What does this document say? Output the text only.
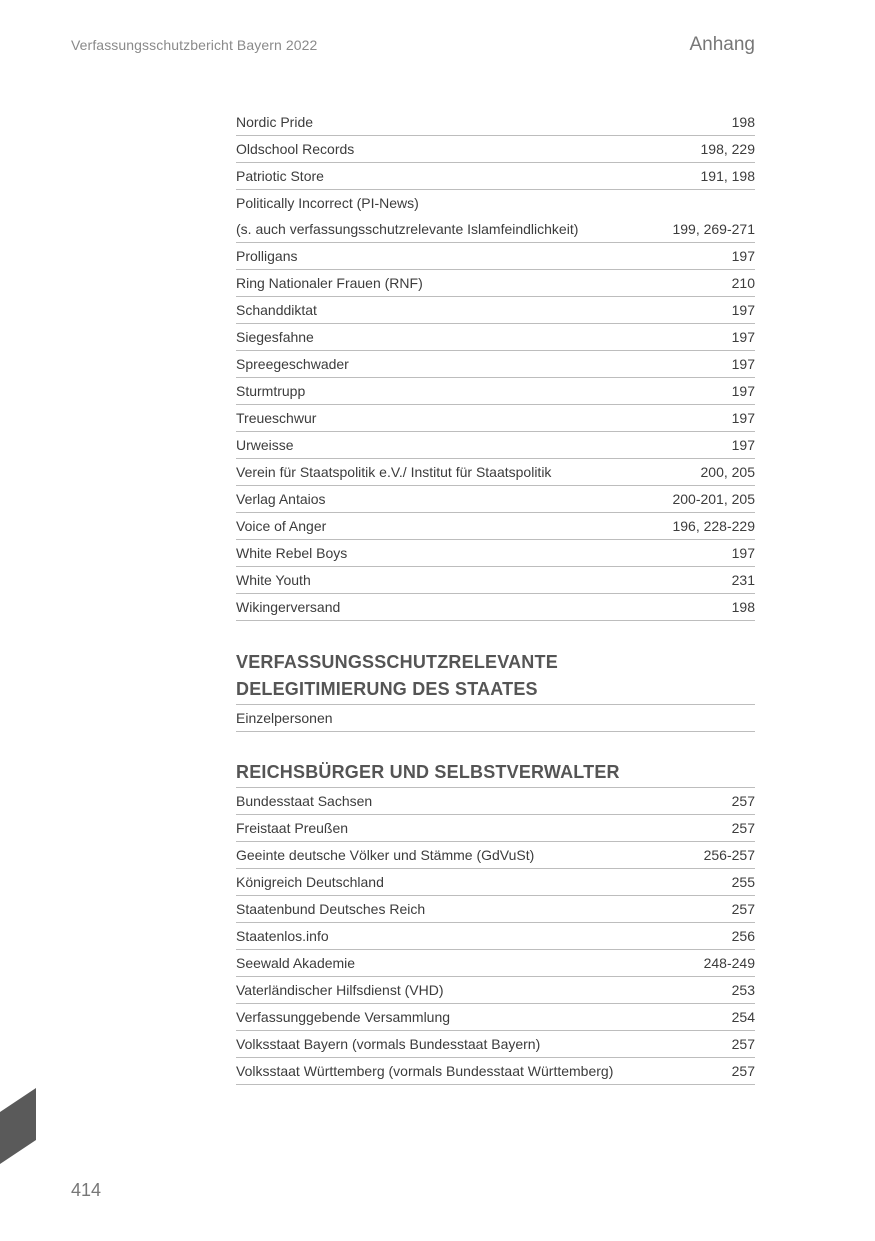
Verfassungsschutzbericht Bayern 2022	Anhang
Nordic Pride	198
Oldschool Records	198, 229
Patriotic Store	191, 198
Politically Incorrect (PI-News)
(s. auch verfassungsschutzrelevante Islamfeindlichkeit)	199, 269-271
Prolligans	197
Ring Nationaler Frauen (RNF)	210
Schanddiktat	197
Siegesfahne	197
Spreegeschwader	197
Sturmtrupp	197
Treueschwur	197
Urweisse	197
Verein für Staatspolitik e.V./ Institut für Staatspolitik	200, 205
Verlag Antaios	200-201, 205
Voice of Anger	196, 228-229
White Rebel Boys	197
White Youth	231
Wikingerversand	198
VERFASSUNGSSCHUTZRELEVANTE
DELEGITIMIERUNG DES STAATES
Einzelpersonen
REICHSBÜRGER UND SELBSTVERWALTER
Bundesstaat Sachsen	257
Freistaat Preußen	257
Geeinte deutsche Völker und Stämme (GdVuSt)	256-257
Königreich Deutschland	255
Staatenbund Deutsches Reich	257
Staatenlos.info	256
Seewald Akademie	248-249
Vaterländischer Hilfsdienst (VHD)	253
Verfassunggebende Versammlung	254
Volksstaat Bayern (vormals Bundesstaat Bayern)	257
Volksstaat Württemberg (vormals Bundesstaat Württemberg)	257
414
